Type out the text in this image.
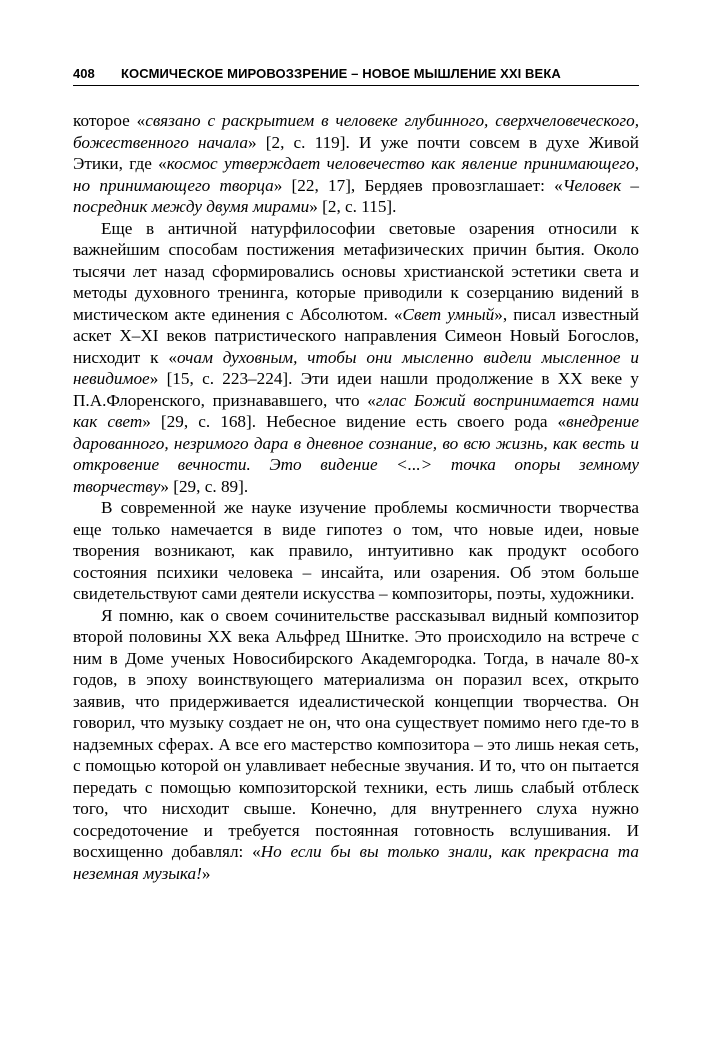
408	КОСМИЧЕСКОЕ МИРОВОЗЗРЕНИЕ – НОВОЕ МЫШЛЕНИЕ XXI ВЕКА

которое «связано с раскрытием в человеке глубинного, сверхчеловеческого, божественного начала» [2, с. 119]. И уже почти совсем в духе Живой Этики, где «космос утверждает человечество как явление принимающего, но принимающего творца» [22, 17], Бердяев провозглашает: «Человек – посредник между двумя мирами» [2, с. 115].

Еще в античной натурфилософии световые озарения относили к важнейшим способам постижения метафизических причин бытия. Около тысячи лет назад сформировались основы христианской эстетики света и методы духовного тренинга, которые приводили к созерцанию видений в мистическом акте единения с Абсолютом. «Свет умный», писал известный аскет X–XI веков патристического направления Симеон Новый Богослов, нисходит к «очам духовным, чтобы они мысленно видели мысленное и невидимое» [15, с. 223–224]. Эти идеи нашли продолжение в XX веке у П.А.Флоренского, признававшего, что «глас Божий воспринимается нами как свет» [29, с. 168]. Небесное видение есть своего рода «внедрение дарованного, незримого дара в дневное сознание, во всю жизнь, как весть и откровение вечности. Это видение <...> точка опоры земному творчеству» [29, с. 89].

В современной же науке изучение проблемы космичности творчества еще только намечается в виде гипотез о том, что новые идеи, новые творения возникают, как правило, интуитивно как продукт особого состояния психики человека – инсайта, или озарения. Об этом больше свидетельствуют сами деятели искусства – композиторы, поэты, художники.

Я помню, как о своем сочинительстве рассказывал видный композитор второй половины XX века Альфред Шнитке. Это происходило на встрече с ним в Доме ученых Новосибирского Академгородка. Тогда, в начале 80-х годов, в эпоху воинствующего материализма он поразил всех, открыто заявив, что придерживается идеалистической концепции творчества. Он говорил, что музыку создает не он, что она существует помимо него где-то в надземных сферах. А все его мастерство композитора – это лишь некая сеть, с помощью которой он улавливает небесные звучания. И то, что он пытается передать с помощью композиторской техники, есть лишь слабый отблеск того, что нисходит свыше. Конечно, для внутреннего слуха нужно сосредоточение и требуется постоянная готовность вслушивания. И восхищенно добавлял: «Но если бы вы только знали, как прекрасна та неземная музыка!»
